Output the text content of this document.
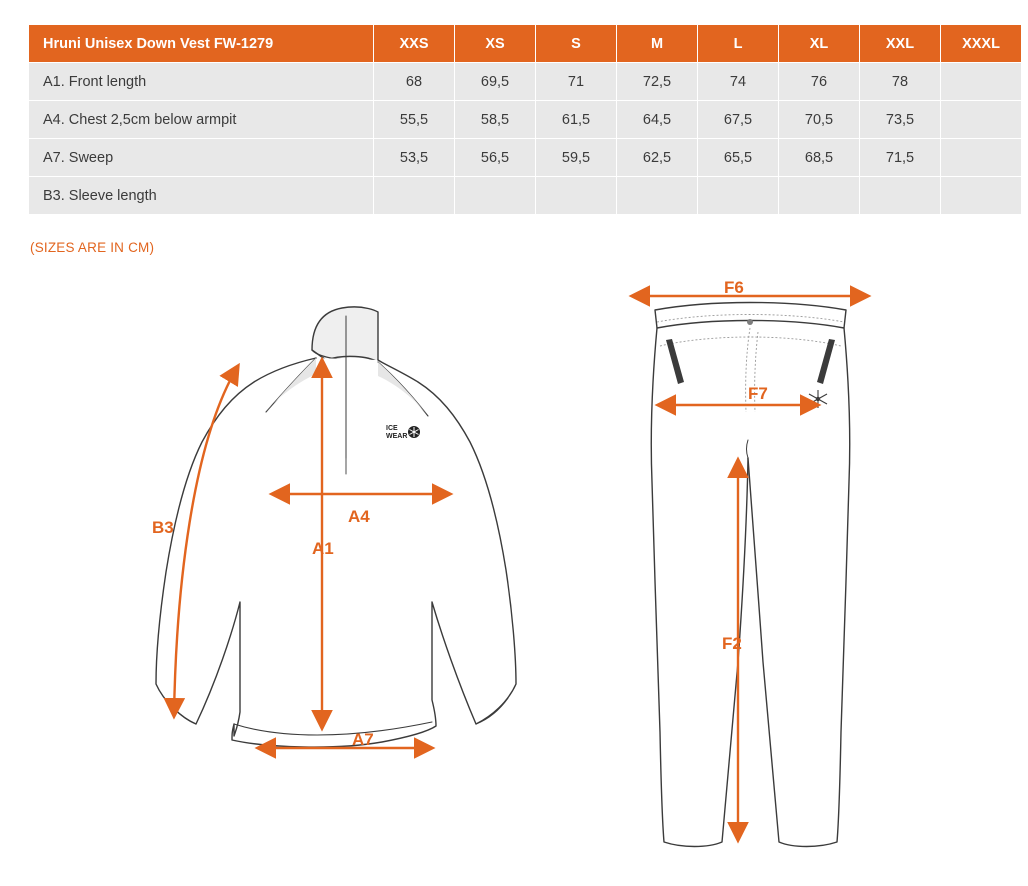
Hruni Unisex Down Vest FW-1279	XXS	XS	S	M	L	XL	XXL	XXXL
A1. Front length	68	69,5	71	72,5	74	76	78	
A4. Chest 2,5cm below armpit	55,5	58,5	61,5	64,5	67,5	70,5	73,5	
A7. Sweep	53,5	56,5	59,5	62,5	65,5	68,5	71,5	
B3. Sleeve length								
(SIZES ARE IN CM)
ICE
WEAR
B3
A4
A1
A7
F6
F7
F2
